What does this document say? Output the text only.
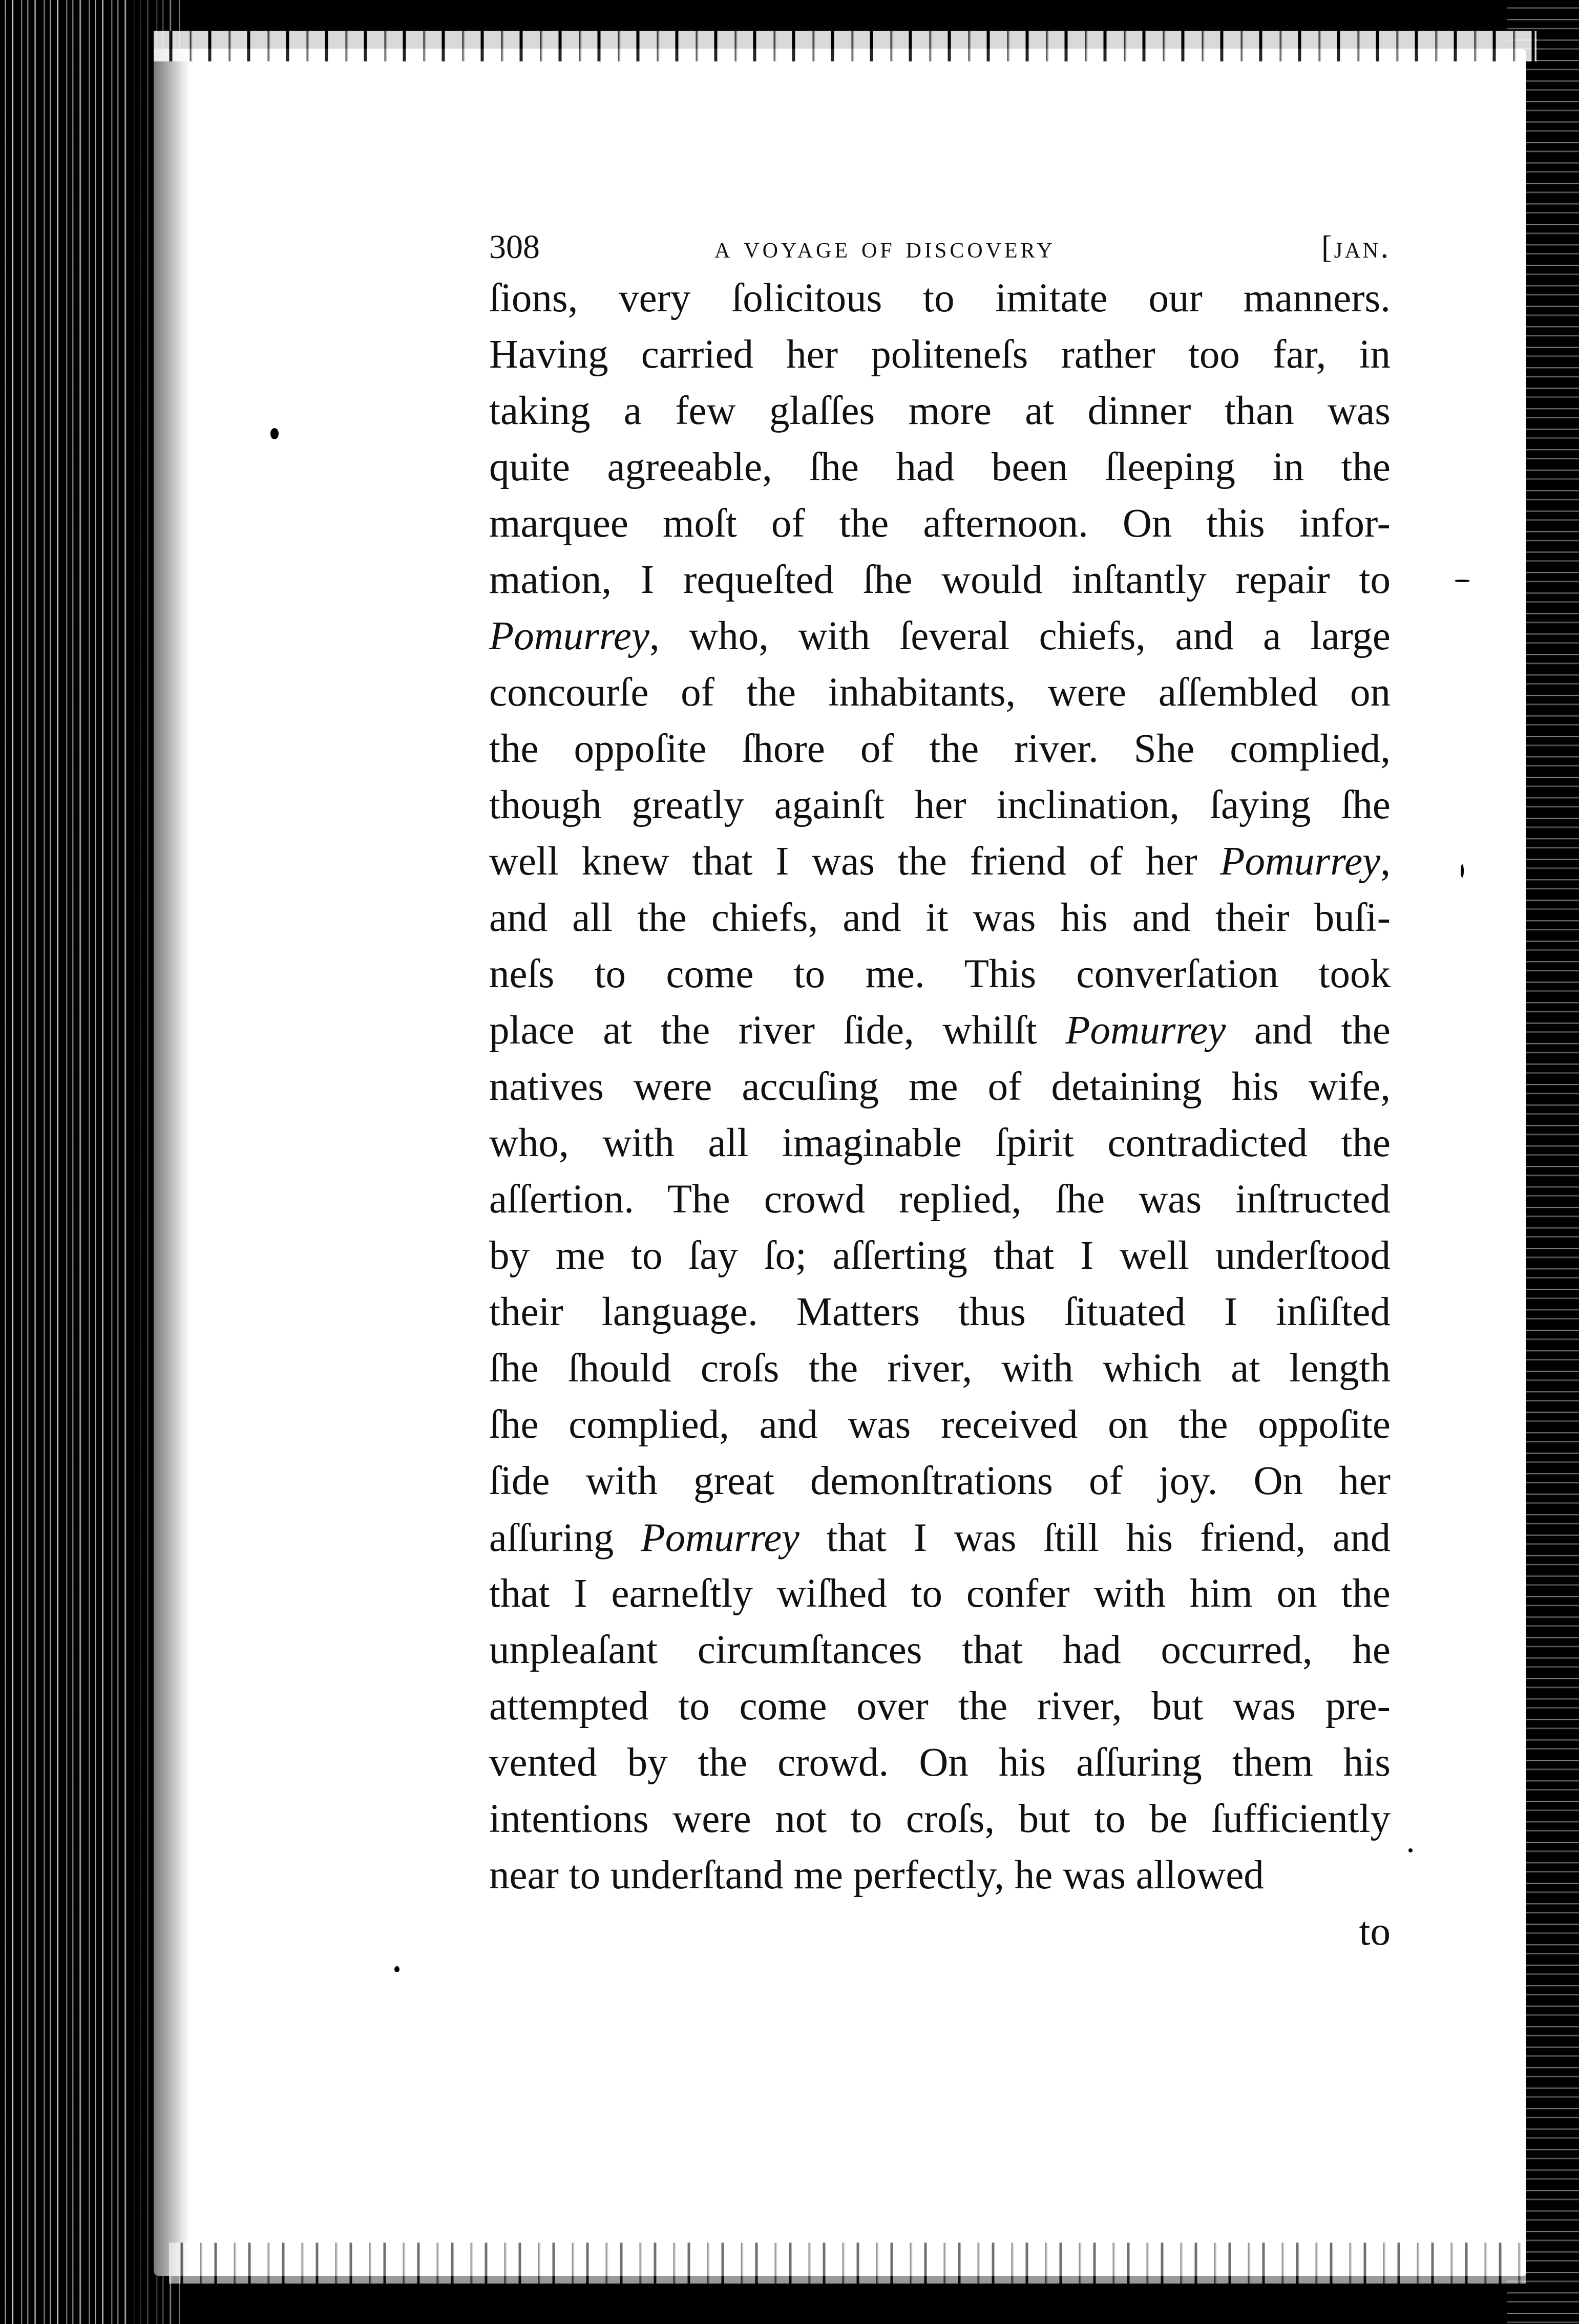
308	a voyage of discovery	[jan.
ſions, very ſolicitous to imitate our manners.
Having carried her politeneſs rather too far, in
taking a few glaſſes more at dinner than was
quite agreeable, ſhe had been ſleeping in the
marquee moſt of the afternoon. On this infor-
mation, I requeſted ſhe would inſtantly repair to
Pomurrey, who, with ſeveral chiefs, and a large
concourſe of the inhabitants, were aſſembled on
the oppoſite ſhore of the river. She complied,
though greatly againſt her inclination, ſaying ſhe
well knew that I was the friend of her Pomurrey,
and all the chiefs, and it was his and their buſi-
neſs to come to me. This converſation took
place at the river ſide, whilſt Pomurrey and the
natives were accuſing me of detaining his wife,
who, with all imaginable ſpirit contradicted the
aſſertion. The crowd replied, ſhe was inſtructed
by me to ſay ſo; aſſerting that I well underſtood
their language. Matters thus ſituated I inſiſted
ſhe ſhould croſs the river, with which at length
ſhe complied, and was received on the oppoſite
ſide with great demonſtrations of joy. On her
aſſuring Pomurrey that I was ſtill his friend, and
that I earneſtly wiſhed to confer with him on the
unpleaſant circumſtances that had occurred, he
attempted to come over the river, but was pre-
vented by the crowd. On his aſſuring them his
intentions were not to croſs, but to be ſufficiently
near to underſtand me perfectly, he was allowed
to
